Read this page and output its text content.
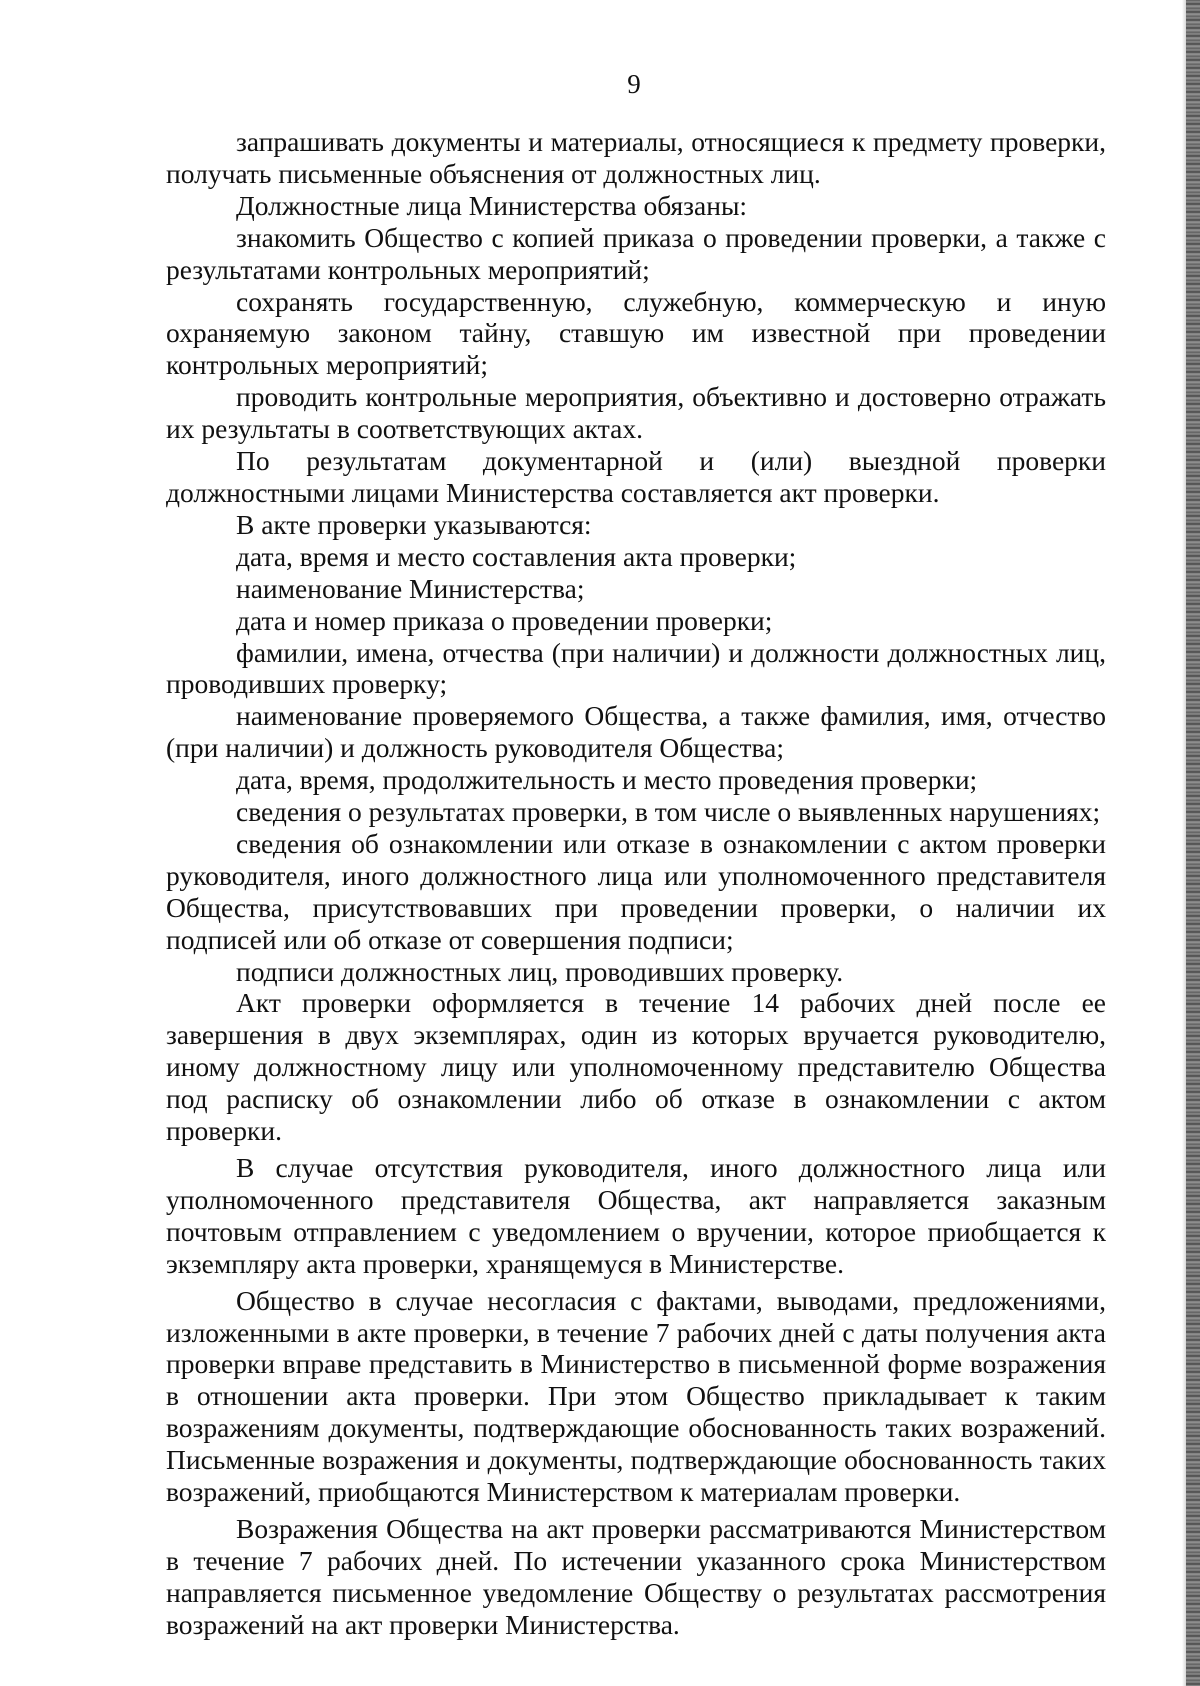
9

запрашивать документы и материалы, относящиеся к предмету проверки, получать письменные объяснения от должностных лиц.

Должностные лица Министерства обязаны:

знакомить Общество с копией приказа о проведении проверки, а также с результатами контрольных мероприятий;

сохранять государственную, служебную, коммерческую и иную охраняемую законом тайну, ставшую им известной при проведении контрольных мероприятий;

проводить контрольные мероприятия, объективно и достоверно отражать их результаты в соответствующих актах.

По результатам документарной и (или) выездной проверки должностными лицами Министерства составляется акт проверки.

В акте проверки указываются:

дата, время и место составления акта проверки;

наименование Министерства;

дата и номер приказа о проведении проверки;

фамилии, имена, отчества (при наличии) и должности должностных лиц, проводивших проверку;

наименование проверяемого Общества, а также фамилия, имя, отчество (при наличии) и должность руководителя Общества;

дата, время, продолжительность и место проведения проверки;

сведения о результатах проверки, в том числе о выявленных нарушениях;

сведения об ознакомлении или отказе в ознакомлении с актом проверки руководителя, иного должностного лица или уполномоченного представителя Общества, присутствовавших при проведении проверки, о наличии их подписей или об отказе от совершения подписи;

подписи должностных лиц, проводивших проверку.

Акт проверки оформляется в течение 14 рабочих дней после ее завершения в двух экземплярах, один из которых вручается руководителю, иному должностному лицу или уполномоченному представителю Общества под расписку об ознакомлении либо об отказе в ознакомлении с актом проверки.

В случае отсутствия руководителя, иного должностного лица или уполномоченного представителя Общества, акт направляется заказным почтовым отправлением с уведомлением о вручении, которое приобщается к экземпляру акта проверки, хранящемуся в Министерстве.

Общество в случае несогласия с фактами, выводами, предложениями, изложенными в акте проверки, в течение 7 рабочих дней с даты получения акта проверки вправе представить в Министерство в письменной форме возражения в отношении акта проверки. При этом Общество прикладывает к таким возражениям документы, подтверждающие обоснованность таких возражений. Письменные возражения и документы, подтверждающие обоснованность таких возражений, приобщаются Министерством к материалам проверки.

Возражения Общества на акт проверки рассматриваются Министерством в течение 7 рабочих дней. По истечении указанного срока Министерством направляется письменное уведомление Обществу о результатах рассмотрения возражений на акт проверки Министерства.
